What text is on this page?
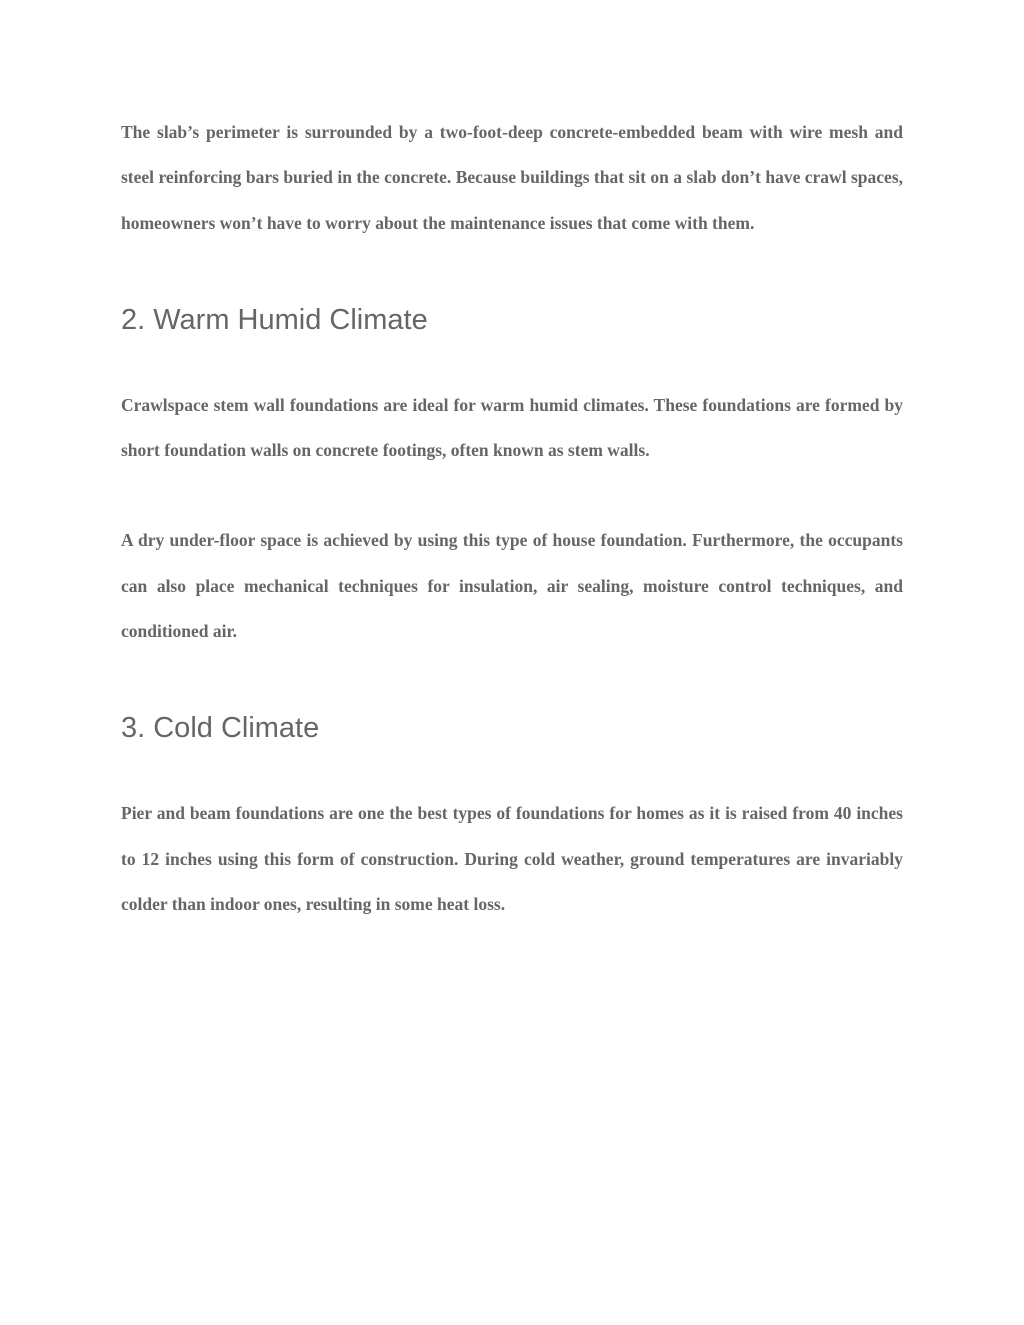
The slab’s perimeter is surrounded by a two-foot-deep concrete-embedded beam with wire mesh and steel reinforcing bars buried in the concrete. Because buildings that sit on a slab don’t have crawl spaces, homeowners won’t have to worry about the maintenance issues that come with them.

2. Warm Humid Climate

Crawlspace stem wall foundations are ideal for warm humid climates. These foundations are formed by short foundation walls on concrete footings, often known as stem walls.

A dry under-floor space is achieved by using this type of house foundation. Furthermore, the occupants can also place mechanical techniques for insulation, air sealing, moisture control techniques, and conditioned air.

3. Cold Climate

Pier and beam foundations are one the best types of foundations for homes as it is raised from 40 inches to 12 inches using this form of construction. During cold weather, ground temperatures are invariably colder than indoor ones, resulting in some heat loss.
